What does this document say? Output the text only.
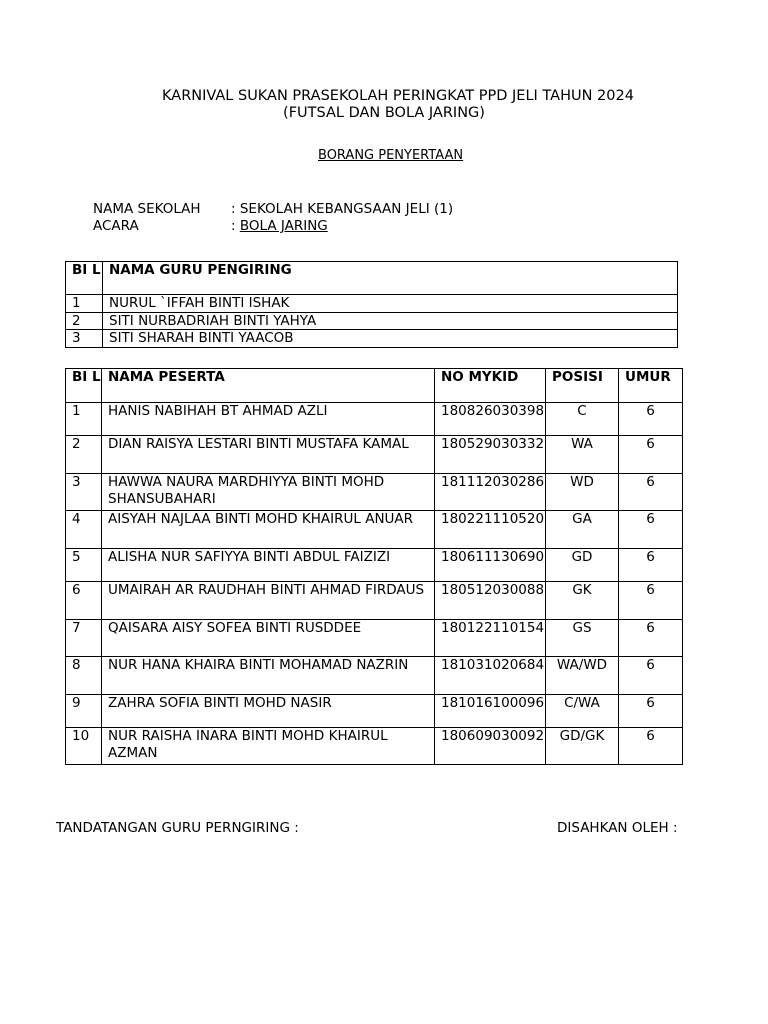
KARNIVAL SUKAN PRASEKOLAH PERINGKAT PPD JELI TAHUN 2024
(FUTSAL DAN BOLA JARING)
BORANG PENYERTAAN
NAMA SEKOLAH : SEKOLAH KEBANGSAAN JELI (1)
ACARA	: BOLA JARING
BI L	NAMA GURU PENGIRING
1	NURUL `IFFAH BINTI ISHAK
2	SITI NURBADRIAH BINTI YAHYA
3	SITI SHARAH BINTI YAACOB
BI L	NAMA PESERTA	NO MYKID	POSISI	UMUR
1	HANIS NABIHAH BT AHMAD AZLI	180826030398	C	6
2	DIAN RAISYA LESTARI BINTI MUSTAFA KAMAL	180529030332	WA	6
3	HAWWA NAURA MARDHIYYA BINTI MOHD SHANSUBAHARI	181112030286	WD	6
4	AISYAH NAJLAA BINTI MOHD KHAIRUL ANUAR	180221110520	GA	6
5	ALISHA NUR SAFIYYA BINTI ABDUL FAIZIZI	180611130690	GD	6
6	UMAIRAH AR RAUDHAH BINTI AHMAD FIRDAUS	180512030088	GK	6
7	QAISARA AISY SOFEA BINTI RUSDDEE	180122110154	GS	6
8	NUR HANA KHAIRA BINTI MOHAMAD NAZRIN	181031020684	WA/WD	6
9	ZAHRA SOFIA BINTI MOHD NASIR	181016100096	C/WA	6
10	NUR RAISHA INARA BINTI MOHD KHAIRUL AZMAN	180609030092	GD/GK	6
TANDATANGAN GURU PERNGIRING :	DISAHKAN OLEH :
